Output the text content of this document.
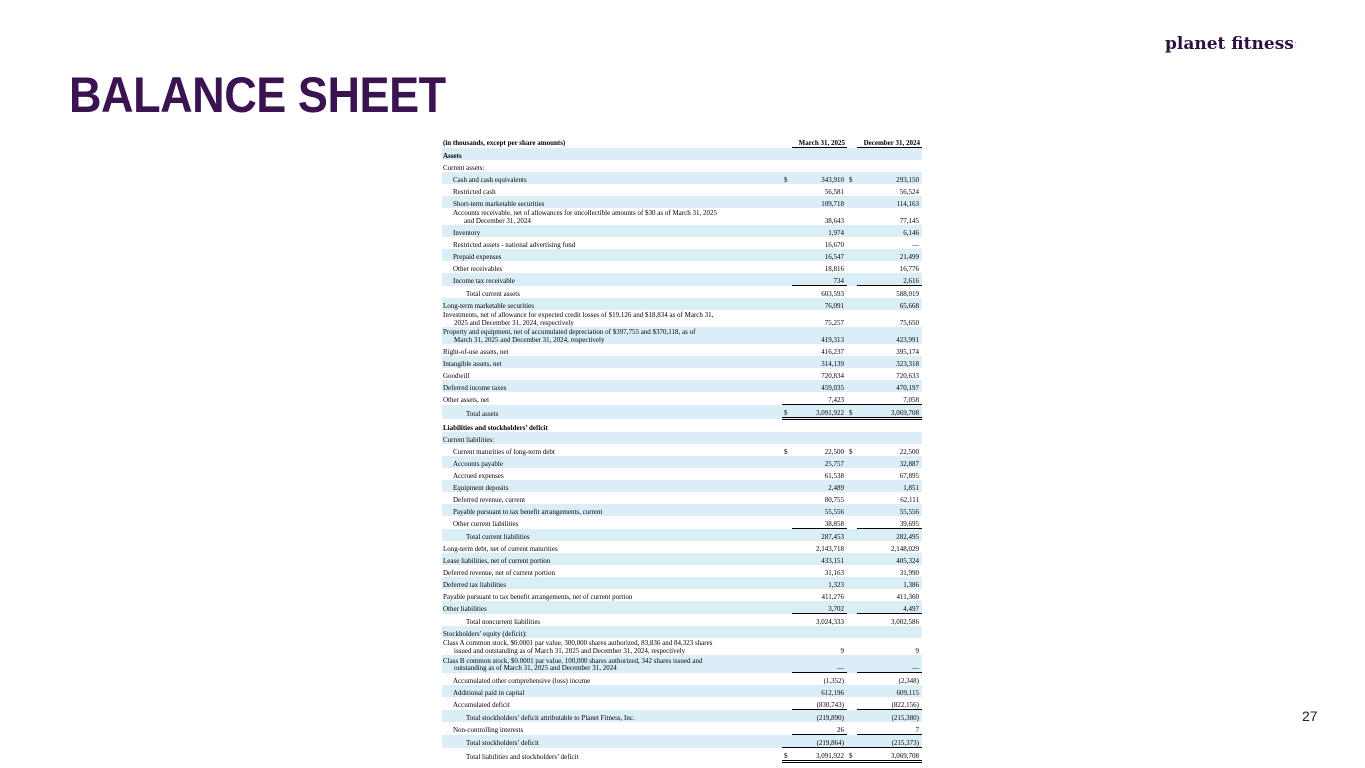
planet fitness.
BALANCE SHEET
27
(in thousands, except per share amounts)		March 31, 2025		December 31, 2024
Assets				
Current assets:				
Cash and cash equivalents	$	343,910	$	293,150
Restricted cash		56,581		56,524
Short-term marketable securities		109,718		114,163

Accounts receivable, net of allowances for uncollectible amounts of $30 as of March 31, 2025
and December 31, 2024		38,643		77,145
Inventory		1,974		6,146
Restricted assets - national advertising fund		16,670		—
Prepaid expenses		16,547		21,499
Other receivables		18,816		16,776
Income tax receivable		734		2,616
Total current assets		603,593		588,019
Long-term marketable securities		76,091		65,668

Investments, net of allowance for expected credit losses of $19,126 and $18,834 as of March 31,
2025 and December 31, 2024, respectively		75,257		75,650

Property and equipment, net of accumulated depreciation of $397,755 and $370,118, as of
March 31, 2025 and December 31, 2024, respectively		419,313		423,991
Right-of-use assets, net		416,237		395,174
Intangible assets, net		314,139		323,318
Goodwill		720,834		720,633
Deferred income taxes		459,035		470,197
Other assets, net		7,423		7,058
Total assets	$	3,091,922	$	3,069,708
Liabilities and stockholders’ deficit				
Current liabilities:				
Current maturities of long-term debt	$	22,500	$	22,500
Accounts payable		25,757		32,887
Accrued expenses		61,538		67,895
Equipment deposits		2,489		1,851
Deferred revenue, current		80,755		62,111
Payable pursuant to tax benefit arrangements, current		55,556		55,556
Other current liabilities		38,858		39,695
Total current liabilities		287,453		282,495
Long-term debt, net of current maturities		2,143,718		2,148,029
Lease liabilities, net of current portion		433,151		405,324
Deferred revenue, net of current portion		31,163		31,990
Deferred tax liabilities		1,323		1,386
Payable pursuant to tax benefit arrangements, net of current portion		411,276		411,360
Other liabilities		3,702		4,497
Total noncurrent liabilities		3,024,333		3,002,586
Stockholders’ equity (deficit):				

Class A common stock, $0.0001 par value, 300,000 shares authorized, 83,836 and 84,323 shares
issued and outstanding as of March 31, 2025 and December 31, 2024, respectively		9		9

Class B common stock, $0.0001 par value, 100,000 shares authorized, 342 shares issued and
outstanding as of March 31, 2025 and December 31, 2024		—		—
Accumulated other comprehensive (loss) income		(1,352)		(2,348)
Additional paid in capital		612,196		609,115
Accumulated deficit		(830,743)		(822,156)
Total stockholders’ deficit attributable to Planet Fitness, Inc.		(219,890)		(215,380)
Non-controlling interests		26		7
Total stockholders’ deficit		(219,864)		(215,373)
Total liabilities and stockholders’ deficit	$	3,091,922	$	3,069,708
